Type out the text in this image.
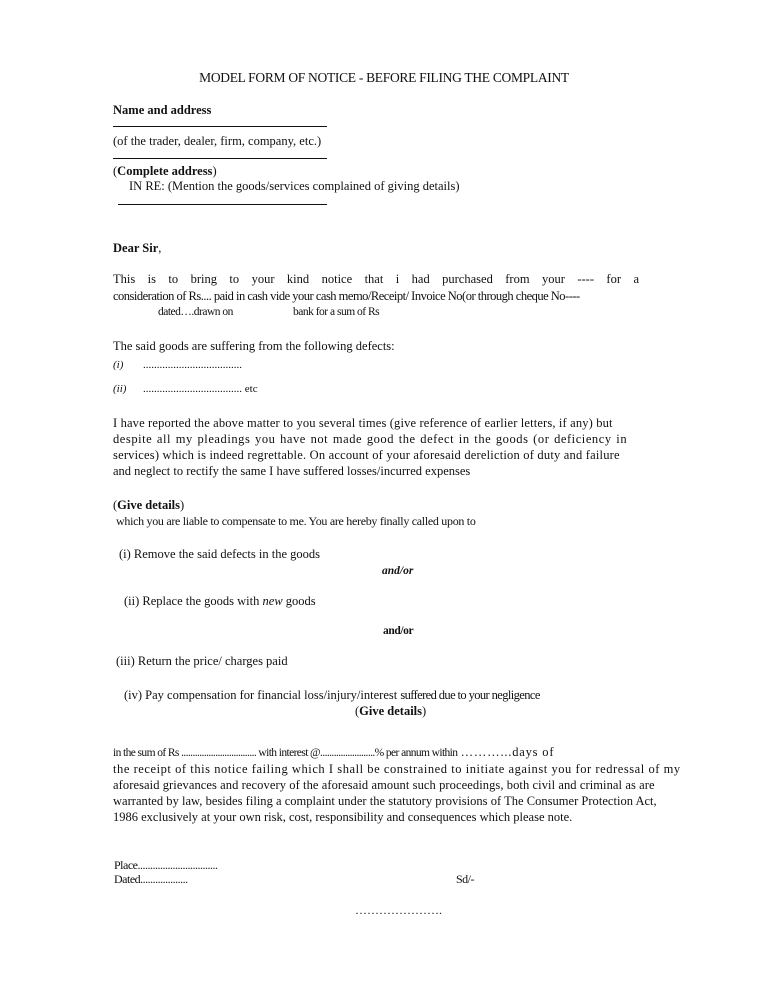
MODEL FORM OF NOTICE - BEFORE FILING THE COMPLAINT
Name and address
(of the trader, dealer, firm, company, etc.)
(Complete address)
IN RE: (Mention the goods/services complained of giving details)
Dear Sir,
This is to bring to your kind notice that i had purchased from your ---- for a
consideration of Rs.... paid in cash vide your cash memo/Receipt/ Invoice No(or through cheque No----
dated….drawn on	bank for a sum of Rs
The said goods are suffering from the following defects:
(i) ....................................
(ii) .................................... etc
I have reported the above matter to you several times (give reference of earlier letters, if any) but
despite all my pleadings you have not made good the defect in the goods (or deficiency in
services) which is indeed regrettable. On account of your aforesaid dereliction of duty and failure
and neglect to rectify the same I have suffered losses/incurred expenses
(Give details)
which you are liable to compensate to me. You are hereby finally called upon to
(i) Remove the said defects in the goods
and/or
(ii) Replace the goods with new goods
and/or
(iii) Return the price/ charges paid
(iv) Pay compensation for financial loss/injury/interest suffered due to your negligence
(Give details)
in the sum of Rs ................................. with interest @........................% per annum within ………...days of
the receipt of this notice failing which I shall be constrained to initiate against you for redressal of my
aforesaid grievances and recovery of the aforesaid amount such proceedings, both civil and criminal as are
warranted by law, besides filing a complaint under the statutory provisions of The Consumer Protection Act,
1986 exclusively at your own risk, cost, responsibility and consequences which please note.
Place................................
Dated...................	Sd/-
………………….
